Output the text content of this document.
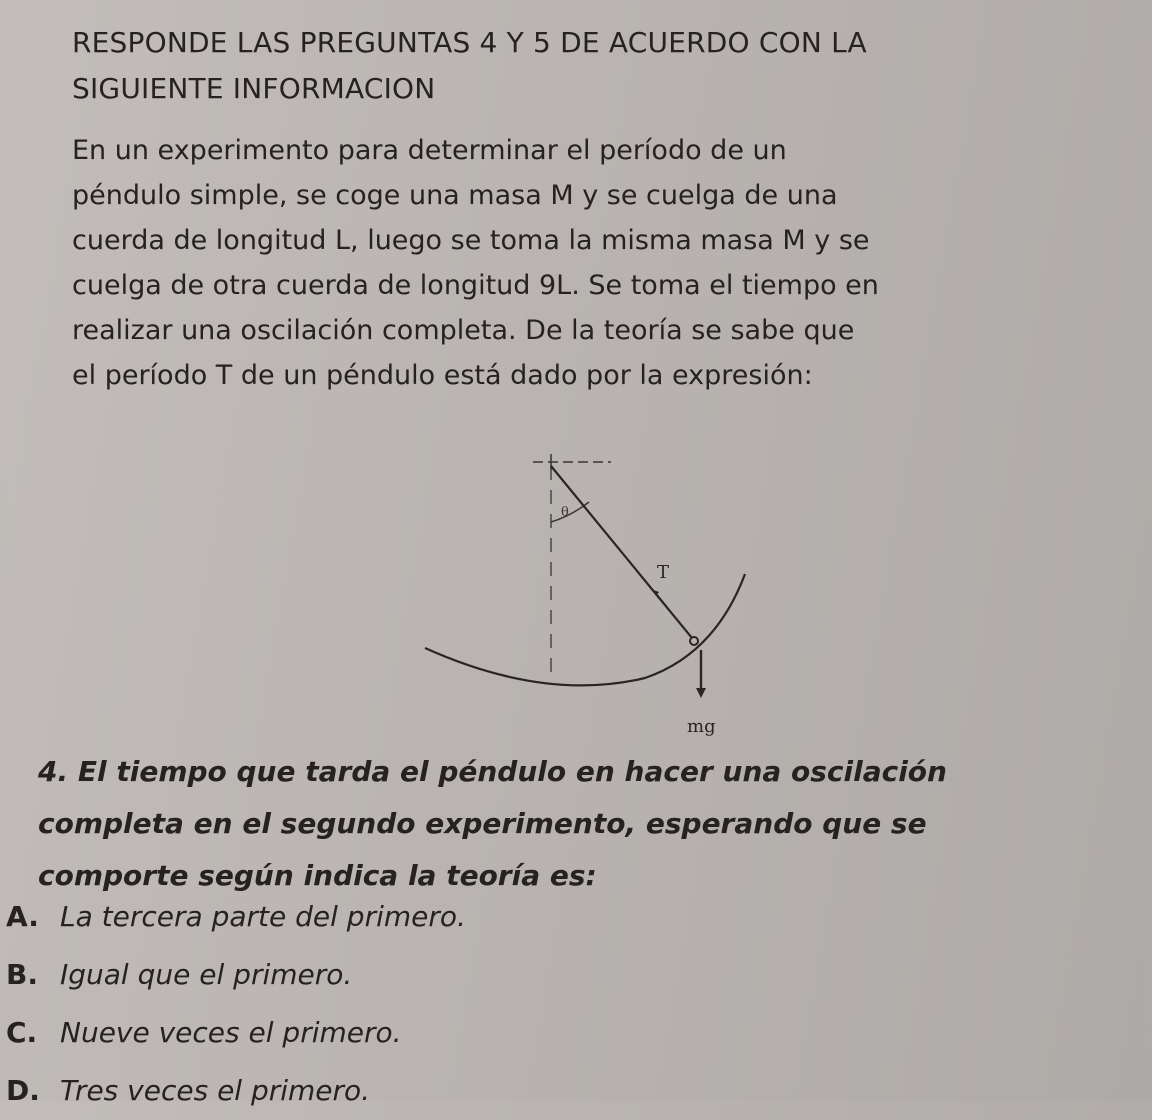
RESPONDE LAS PREGUNTAS 4 Y 5 DE ACUERDO CON LA
SIGUIENTE INFORMACION

En un experimento para determinar el período de un
péndulo simple, se coge una masa M y se cuelga de una
cuerda de longitud L, luego se toma la misma masa M y se
cuelga de otra cuerda de longitud 9L. Se toma el tiempo en
realizar una oscilación completa. De la teoría se sabe que
el período T de un péndulo está dado por la expresión:

θ
T
mg

4. El tiempo que tarda el péndulo en hacer una oscilación
completa en el segundo experimento, esperando que se
comporte según indica la teoría es:

A. La tercera parte del primero.
B. Igual que el primero.
C. Nueve veces el primero.
D. Tres veces el primero.
